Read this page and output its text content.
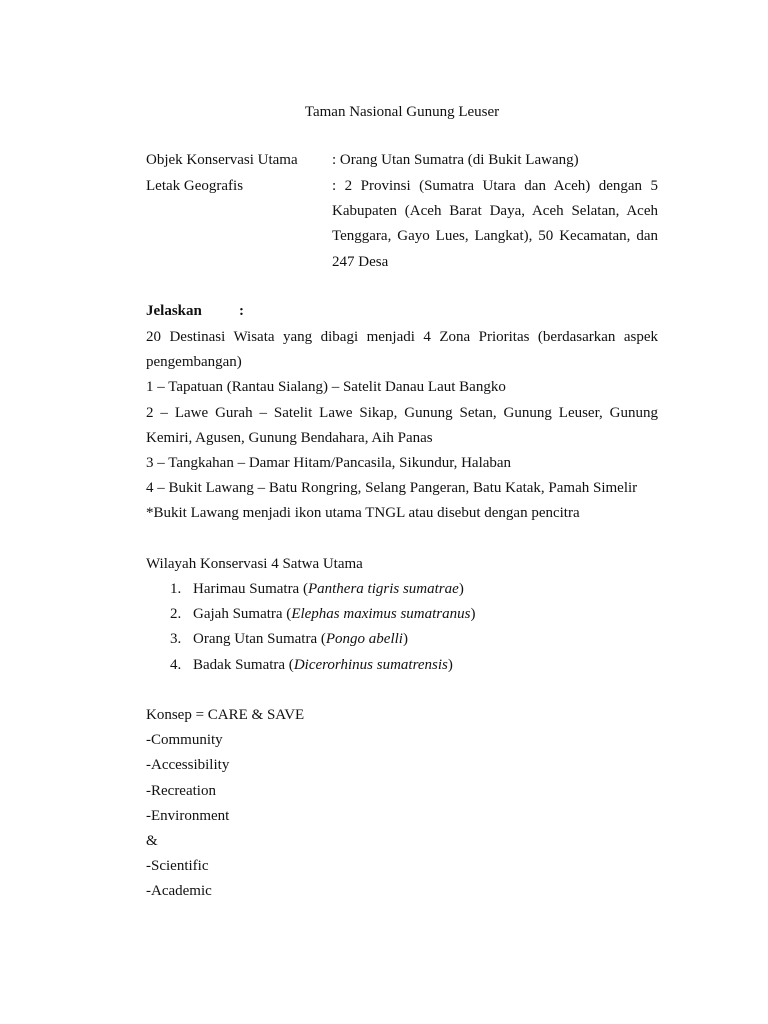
Taman Nasional Gunung Leuser
Objek Konservasi Utama	: Orang Utan Sumatra (di Bukit Lawang)
Letak Geografis	: 2 Provinsi (Sumatra Utara dan Aceh) dengan 5
Kabupaten (Aceh Barat Daya, Aceh Selatan, Aceh
Tenggara, Gayo Lues, Langkat), 50 Kecamatan, dan
247 Desa
Jelaskan :
20 Destinasi Wisata yang dibagi menjadi 4 Zona Prioritas (berdasarkan aspek
pengembangan)
1 – Tapatuan (Rantau Sialang) – Satelit Danau Laut Bangko
2 – Lawe Gurah – Satelit Lawe Sikap, Gunung Setan, Gunung Leuser, Gunung
Kemiri, Agusen, Gunung Bendahara, Aih Panas
3 – Tangkahan – Damar Hitam/Pancasila, Sikundur, Halaban
4 – Bukit Lawang – Batu Rongring, Selang Pangeran, Batu Katak, Pamah Simelir
*Bukit Lawang menjadi ikon utama TNGL atau disebut dengan pencitra
Wilayah Konservasi 4 Satwa Utama
1. Harimau Sumatra (Panthera tigris sumatrae)
2. Gajah Sumatra (Elephas maximus sumatranus)
3. Orang Utan Sumatra (Pongo abelli)
4. Badak Sumatra (Dicerorhinus sumatrensis)
Konsep = CARE & SAVE
-Community
-Accessibility
-Recreation
-Environment
&
-Scientific
-Academic
